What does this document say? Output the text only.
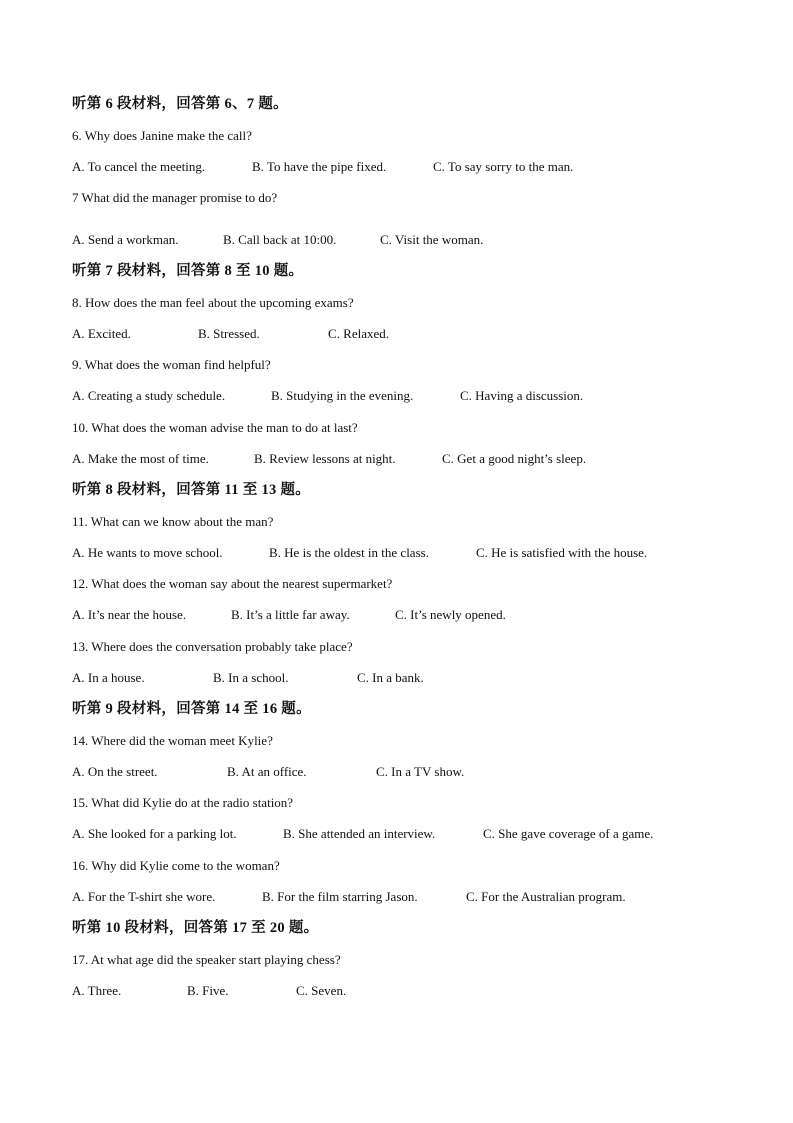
听第 6 段材料，回答第 6、7 题。
6. Why does Janine make the call?
A. To cancel the meeting.	B. To have the pipe fixed.	C. To say sorry to the man.
7 What did the manager promise to do?
A. Send a workman.	B. Call back at 10:00.	C. Visit the woman.
听第 7 段材料，回答第 8 至 10 题。
8. How does the man feel about the upcoming exams?
A. Excited.	B. Stressed.	C. Relaxed.
9. What does the woman find helpful?
A. Creating a study schedule.	B. Studying in the evening.	C. Having a discussion.
10. What does the woman advise the man to do at last?
A. Make the most of time.	B. Review lessons at night.	C. Get a good night’s sleep.
听第 8 段材料，回答第 11 至 13 题。
11. What can we know about the man?
A. He wants to move school.	B. He is the oldest in the class.	C. He is satisfied with the house.
12. What does the woman say about the nearest supermarket?
A. It’s near the house.	B. It’s a little far away.	C. It’s newly opened.
13. Where does the conversation probably take place?
A. In a house.	B. In a school.	C. In a bank.
听第 9 段材料，回答第 14 至 16 题。
14. Where did the woman meet Kylie?
A. On the street.	B. At an office.	C. In a TV show.
15. What did Kylie do at the radio station?
A. She looked for a parking lot.	B. She attended an interview.	C. She gave coverage of a game.
16. Why did Kylie come to the woman?
A. For the T-shirt she wore.	B. For the film starring Jason.	C. For the Australian program.
听第 10 段材料，回答第 17 至 20 题。
17. At what age did the speaker start playing chess?
A. Three.	B. Five.	C. Seven.
